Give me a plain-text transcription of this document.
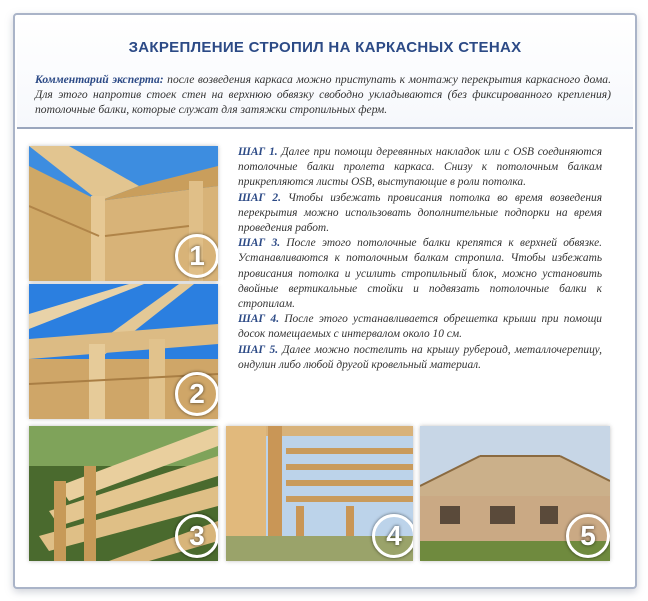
ЗАКРЕПЛЕНИЕ СТРОПИЛ НА КАРКАСНЫХ СТЕНАХ
Комментарий эксперта: после возведения каркаса можно приступать к монтажу перекрытия каркасного дома. Для этого напротив стоек стен на верхнюю обвязку свободно укладываются (без фиксированного крепления) потолочные балки, которые служат для затяжки стропильных ферм.
1
2
3	4	5

ШАГ 1. Далее при помощи деревянных накладок или с OSB соединяются потолочные балки пролета каркаса. Снизу к потолочным балкам прикрепляются листы OSB, выступающие в роли потолка.

ШАГ 2. Чтобы избежать провисания потолка во время возведения перекрытия можно использовать дополнительные подпорки на время проведения работ.

ШАГ 3. После этого потолочные балки крепятся к верхней обвязке. Устанавливаются к потолочным балкам стропила. Чтобы избежать провисания потолка и усилить стропильный блок, можно установить двойные вертикальные стойки и подвязать потолочные балки к стропилам.

ШАГ 4. После этого устанавливается обрешетка крыши при помощи досок помещаемых с интервалом около 10 см.

ШАГ 5. Далее можно постелить на крышу рубероид, металлочерепицу, ондулин либо любой другой кровельный материал.
